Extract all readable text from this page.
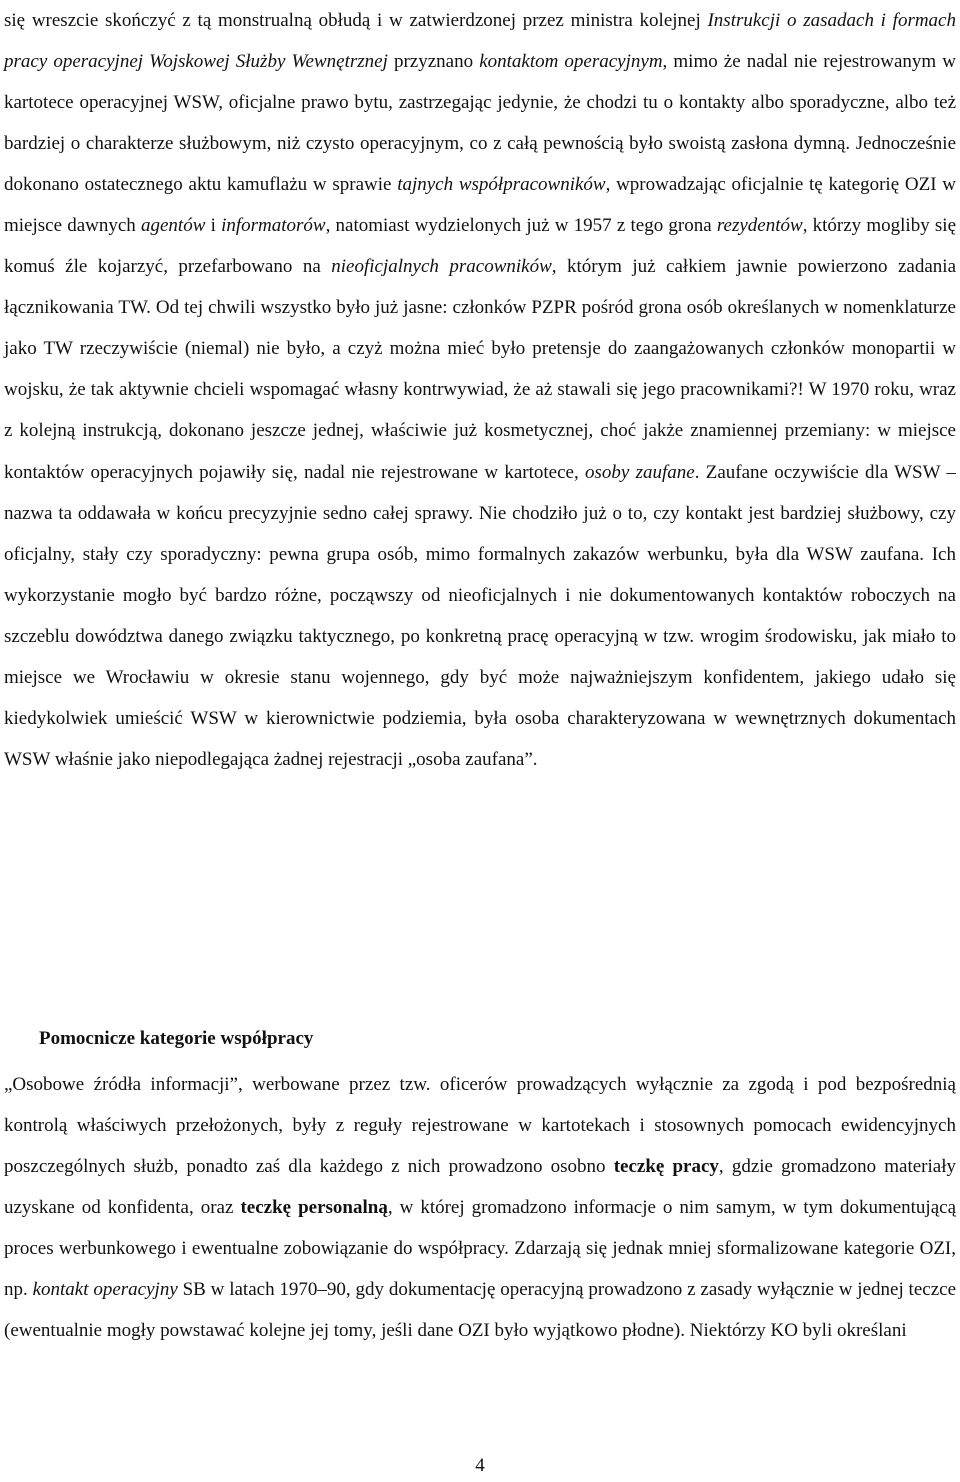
się wreszcie skończyć z tą monstrualną obłudą i w zatwierdzonej przez ministra kolejnej Instrukcji o zasadach i formach pracy operacyjnej Wojskowej Służby Wewnętrznej przyznano kontaktom operacyjnym, mimo że nadal nie rejestrowanym w kartotece operacyjnej WSW, oficjalne prawo bytu, zastrzegając jedynie, że chodzi tu o kontakty albo sporadyczne, albo też bardziej o charakterze służbowym, niż czysto operacyjnym, co z całą pewnością było swoistą zasłona dymną. Jednocześnie dokonano ostatecznego aktu kamuflażu w sprawie tajnych współpracowników, wprowadzając oficjalnie tę kategorię OZI w miejsce dawnych agentów i informatorów, natomiast wydzielonych już w 1957 z tego grona rezydentów, którzy mogliby się komuś źle kojarzyć, przefarbowano na nieoficjalnych pracowników, którym już całkiem jawnie powierzono zadania łącznikowania TW. Od tej chwili wszystko było już jasne: członków PZPR pośród grona osób określanych w nomenklaturze jako TW rzeczywiście (niemal) nie było, a czyż można mieć było pretensje do zaangażowanych członków monopartii w wojsku, że tak aktywnie chcieli wspomagać własny kontrwywiad, że aż stawali się jego pracownikami?! W 1970 roku, wraz z kolejną instrukcją, dokonano jeszcze jednej, właściwie już kosmetycznej, choć jakże znamiennej przemiany: w miejsce kontaktów operacyjnych pojawiły się, nadal nie rejestrowane w kartotece, osoby zaufane. Zaufane oczywiście dla WSW – nazwa ta oddawała w końcu precyzyjnie sedno całej sprawy. Nie chodziło już o to, czy kontakt jest bardziej służbowy, czy oficjalny, stały czy sporadyczny: pewna grupa osób, mimo formalnych zakazów werbunku, była dla WSW zaufana. Ich wykorzystanie mogło być bardzo różne, począwszy od nieoficjalnych i nie dokumentowanych kontaktów roboczych na szczeblu dowództwa danego związku taktycznego, po konkretną pracę operacyjną w tzw. wrogim środowisku, jak miało to miejsce we Wrocławiu w okresie stanu wojennego, gdy być może najważniejszym konfidentem, jakiego udało się kiedykolwiek umieścić WSW w kierownictwie podziemia, była osoba charakteryzowana w wewnętrznych dokumentach WSW właśnie jako niepodlegająca żadnej rejestracji „osoba zaufana”.

Pomocnicze kategorie współpracy

„Osobowe źródła informacji”, werbowane przez tzw. oficerów prowadzących wyłącznie za zgodą i pod bezpośrednią kontrolą właściwych przełożonych, były z reguły rejestrowane w kartotekach i stosownych pomocach ewidencyjnych poszczególnych służb, ponadto zaś dla każdego z nich prowadzono osobno teczkę pracy, gdzie gromadzono materiały uzyskane od konfidenta, oraz teczkę personalną, w której gromadzono informacje o nim samym, w tym dokumentującą proces werbunkowego i ewentualne zobowiązanie do współpracy. Zdarzają się jednak mniej sformalizowane kategorie OZI, np. kontakt operacyjny SB w latach 1970–90, gdy dokumentację operacyjną prowadzono z zasady wyłącznie w jednej teczce (ewentualnie mogły powstawać kolejne jej tomy, jeśli dane OZI było wyjątkowo płodne). Niektórzy KO byli określani

4
